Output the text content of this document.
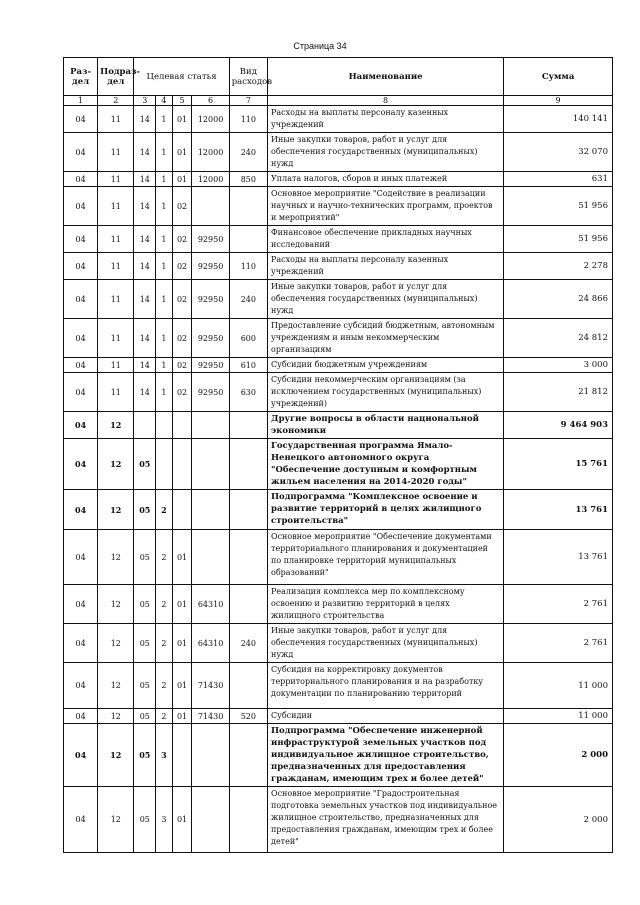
Страница 34
Раз-дел	Подраз-дел	Целевая статья				Вид расходов	Наименование	Сумма
1	2	3	4	5	6	7	8	9
04	11	14	1	01	12000	110	Расходы на выплаты персоналу казенных учреждений	140 141
04	11	14	1	01	12000	240	Иные закупки товаров, работ и услуг для обеспечения государственных (муниципальных) нужд	32 070
04	11	14	1	01	12000	850	Уплата налогов, сборов и иных платежей	631
04	11	14	1	02			Основное мероприятие "Содействие в реализации научных и научно-технических программ, проектов и мероприятий"	51 956
04	11	14	1	02	92950		Финансовое обеспечение прикладных научных исследований	51 956
04	11	14	1	02	92950	110	Расходы на выплаты персоналу казенных учреждений	2 278
04	11	14	1	02	92950	240	Иные закупки товаров, работ и услуг для обеспечения государственных (муниципальных) нужд	24 866
04	11	14	1	02	92950	600	Предоставление субсидий бюджетным, автономным учреждениям и иным некоммерческим организациям	24 812
04	11	14	1	02	92950	610	Субсидии бюджетным учреждениям	3 000
04	11	14	1	02	92950	630	Субсидии некоммерческим организациям (за исключением государственных (муниципальных) учреждений)	21 812
04	12						Другие вопросы в области национальной экономики	9 464 903
04	12	05					Государственная программа Ямало-Ненецкого автономного округа "Обеспечение доступным и комфортным жильем населения на 2014-2020 годы"	15 761
04	12	05	2				Подпрограмма "Комплексное освоение и развитие территорий в целях жилищного строительства"	13 761
04	12	05	2	01			Основное мероприятие "Обеспечение документами территориального планирования и документацией по планировке территорий муниципальных образований"	13 761
04	12	05	2	01	64310		Реализация комплекса мер по комплексному освоению и развитию территорий в целях жилищного строительства	2 761
04	12	05	2	01	64310	240	Иные закупки товаров, работ и услуг для обеспечения государственных (муниципальных) нужд	2 761
04	12	05	2	01	71430		Субсидия на корректировку документов территориального планирования и на разработку документации по планированию территорий	11 000
04	12	05	2	01	71430	520	Субсидии	11 000
04	12	05	3				Подпрограмма "Обеспечение инженерной инфраструктурой земельных участков под индивидуальное жилищное строительство, предназначенных для предоставления гражданам, имеющим трех и более детей"	2 000
04	12	05	3	01			Основное мероприятие "Градостроительная подготовка земельных участков под индивидуальное жилищное строительство, предназначенных для предоставления гражданам, имеющим трех и более детей"	2 000
